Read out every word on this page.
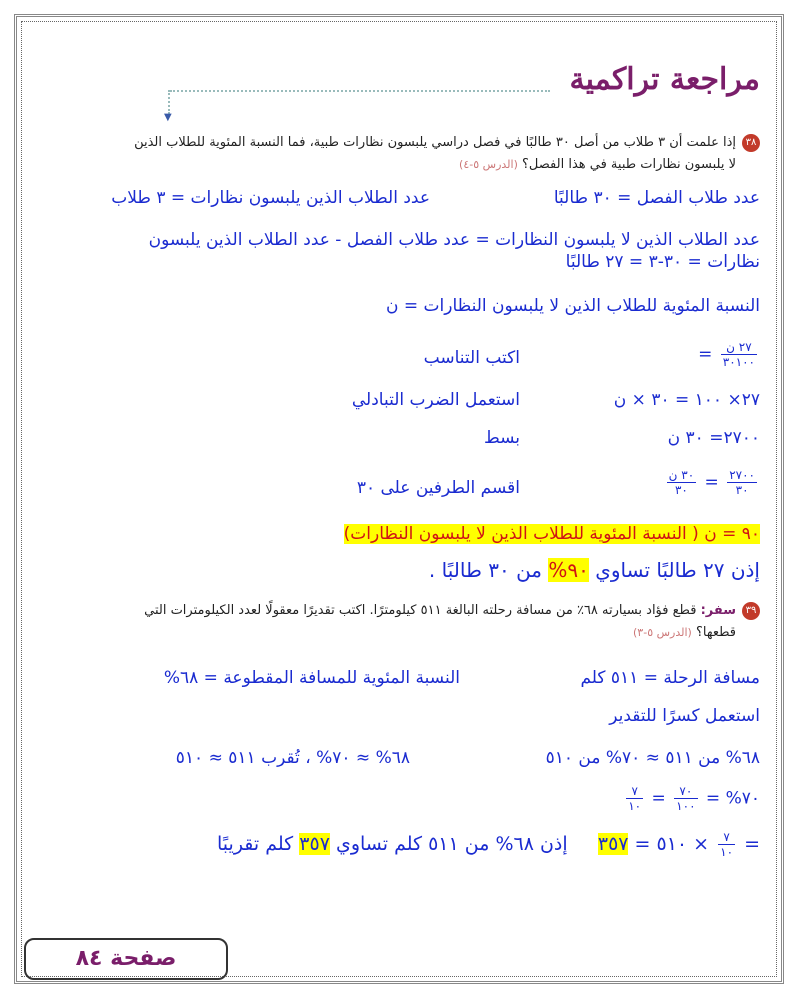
مراجعة تراكمية
▼
٣٨إذا علمت أن ٣ طلاب من أصل ٣٠ طالبًا في فصل دراسي يلبسون نظارات طبية، فما النسبة المئوية للطلاب الذين
لا يلبسون نظارات طبية في هذا الفصل؟ (الدرس ٥-٤)
عدد طلاب الفصل = ٣٠ طالبًا
عدد الطلاب الذين يلبسون نظارات = ٣ طلاب
عدد الطلاب الذين لا يلبسون النظارات = عدد طلاب الفصل - عدد الطلاب الذين يلبسون
نظارات = ٣٠-٣ = ٢٧ طالبًا
النسبة المئوية للطلاب الذين لا يلبسون النظارات = ن
$\frac{\text{٢٧ ن}}{٣٠١٠٠}$
=
اكتب التناسب
٢٧× ١٠٠ = ٣٠ × ن
استعمل الضرب التبادلي
٢٧٠٠= ٣٠ ن
بسط
$\frac{٢٧٠٠}{٣٠}$
=
$\frac{\text{٣٠ ن}}{٣٠}$
اقسم الطرفين على ٣٠
٩٠ = ن ( النسبة المئوية للطلاب الذين لا يلبسون النظارات)
إذن ٢٧ طالبًا تساوي ٩٠% من ٣٠ طالبًا .
٣٩سفر: قطع فؤاد بسيارته ٦٨٪ من مسافة رحلته البالغة ٥١١ كيلومترًا. اكتب تقديرًا معقولًا لعدد الكيلومترات التي
قطعها؟ (الدرس ٥-٣)
مسافة الرحلة = ٥١١ كلم
النسبة المئوية للمسافة المقطوعة = ٦٨%
استعمل كسرًا للتقدير
٦٨% من ٥١١ ≈ ٧٠% من ٥١٠
٦٨% ≈ ٧٠% ، تُقرب ٥١١ ≈ ٥١٠
٧٠% =
$\frac{٧٠}{١٠٠}$
=
$\frac{٧}{١٠}$
=
$\frac{٧}{١٠}$
× ٥١٠ = ٣٥٧     إذن ٦٨% من ٥١١ كلم تساوي ٣٥٧ كلم تقريبًا
صفحة ٨٤
